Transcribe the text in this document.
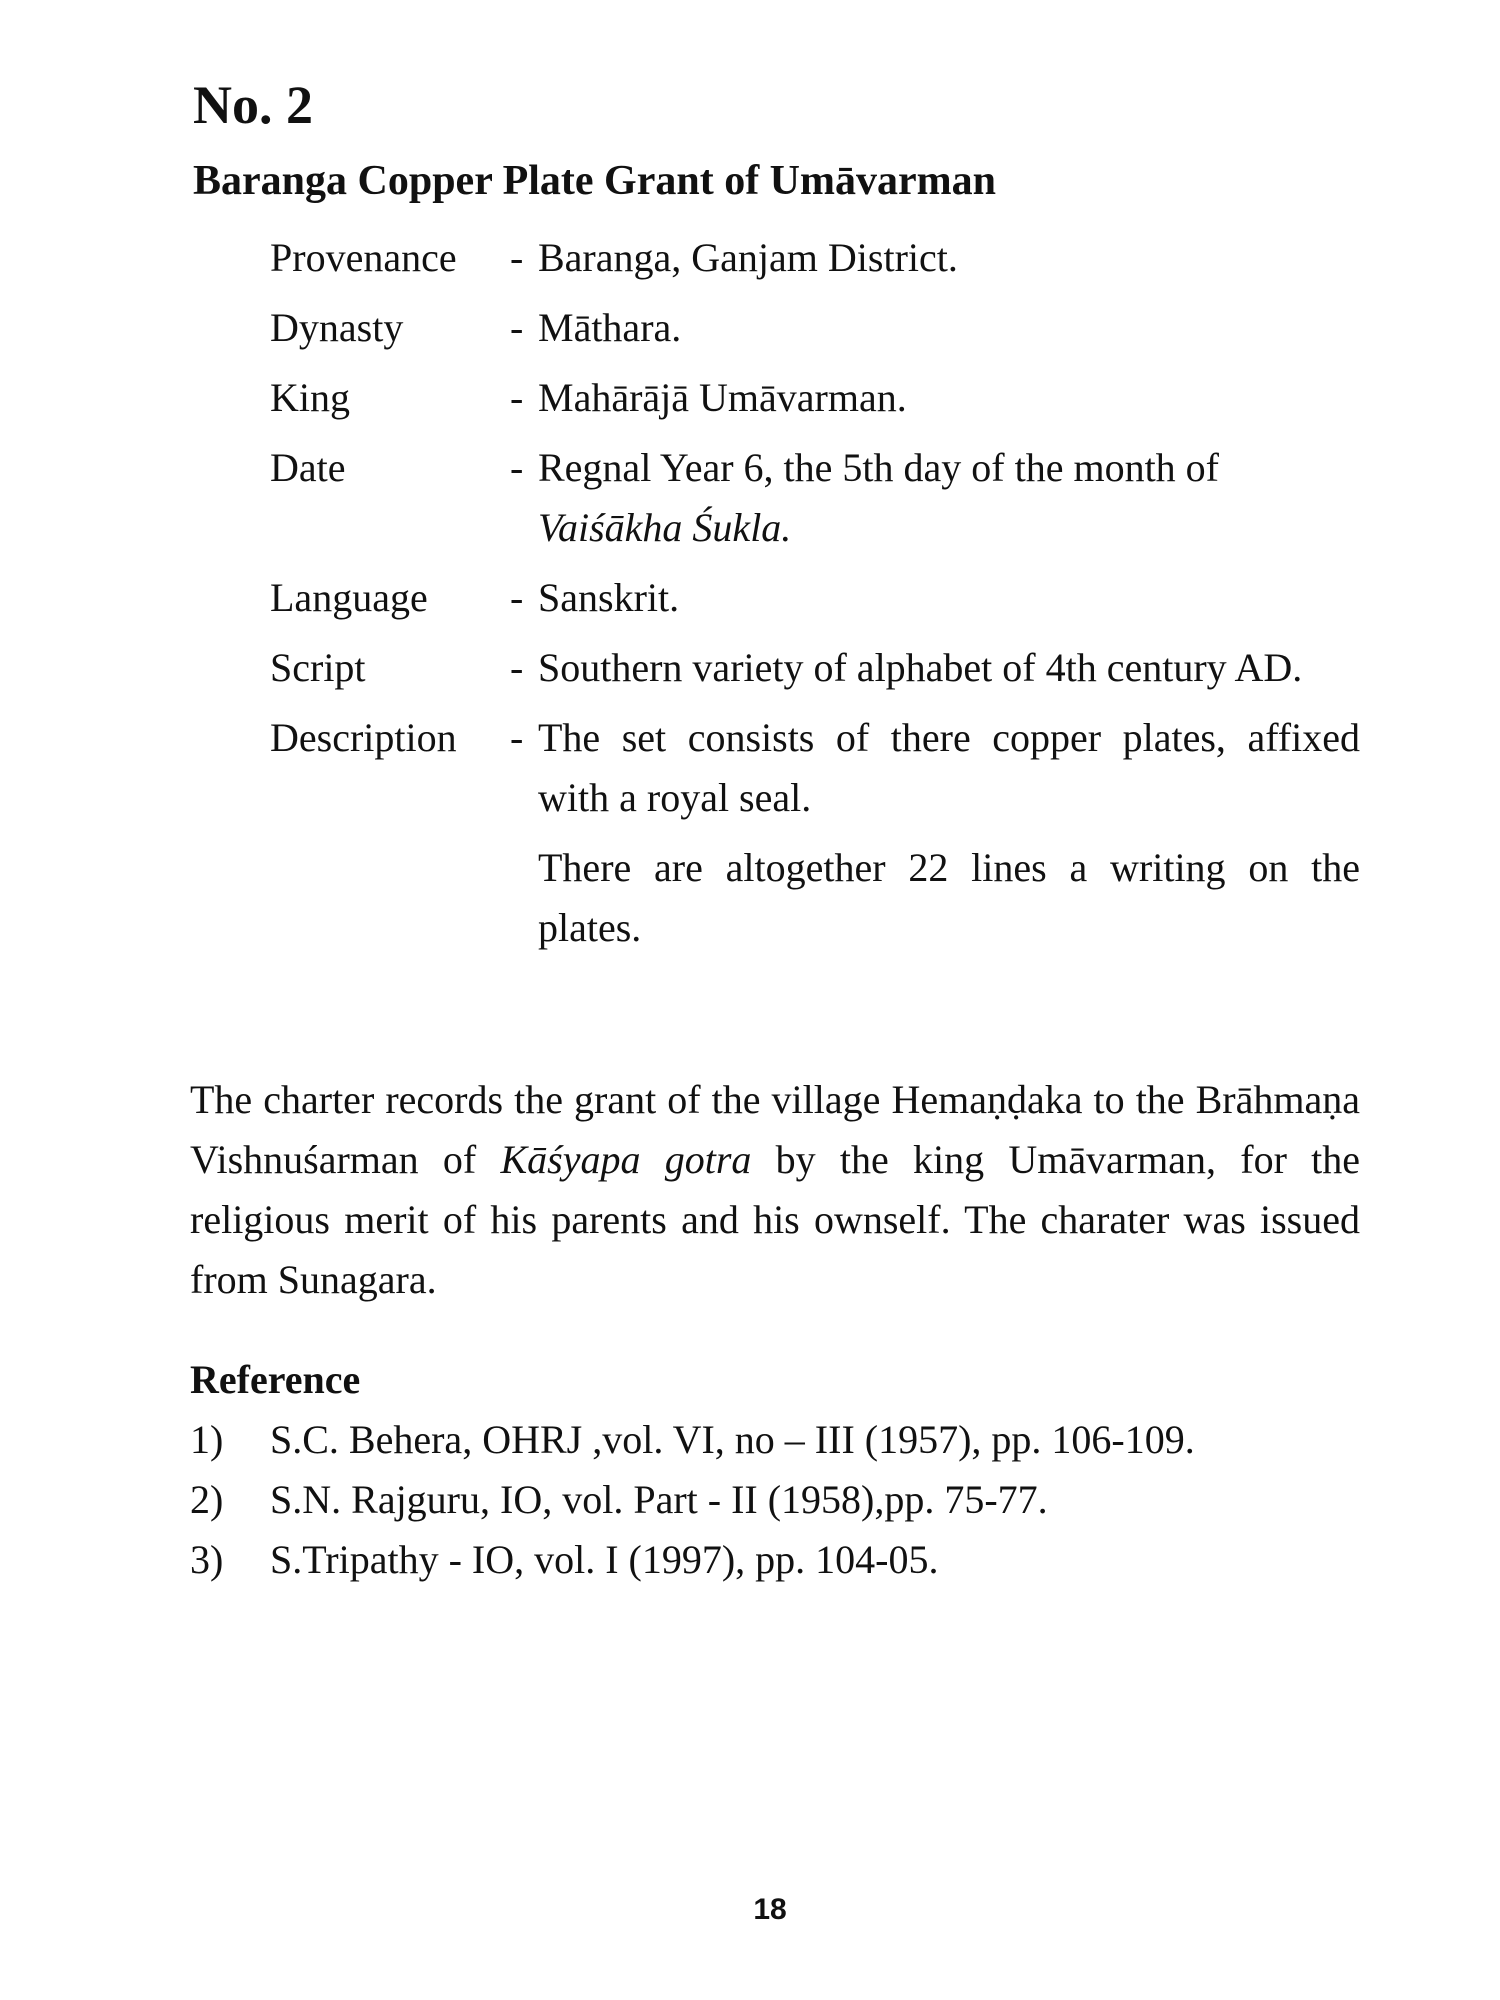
No. 2
Baranga Copper Plate Grant of Umāvarman
Provenance	- Baranga, Ganjam District.
Dynasty	- Māthara.
King	- Mahārājā Umāvarman.
Date	- Regnal Year 6, the 5th day of the month of
Vaiśākha Śukla.
Language	- Sanskrit.
Script	- Southern variety of alphabet of 4th century AD.
Description	- The set consists of there copper plates, affixed with a royal seal.
There are altogether 22 lines a writing on the plates.

The charter records the grant of the village Hemaṇḍaka to the Brāhmaṇa Vishnuśarman of Kāśyapa gotra by the king Umāvarman, for the religious merit of his parents and his ownself. The charater was issued from Sunagara.

Reference
1)	S.C. Behera, OHRJ ,vol. VI, no – III (1957), pp. 106-109.
2)	S.N. Rajguru, IO, vol. Part - II (1958),pp. 75-77.
3)	S.Tripathy - IO, vol. I (1997), pp. 104-05.
18
